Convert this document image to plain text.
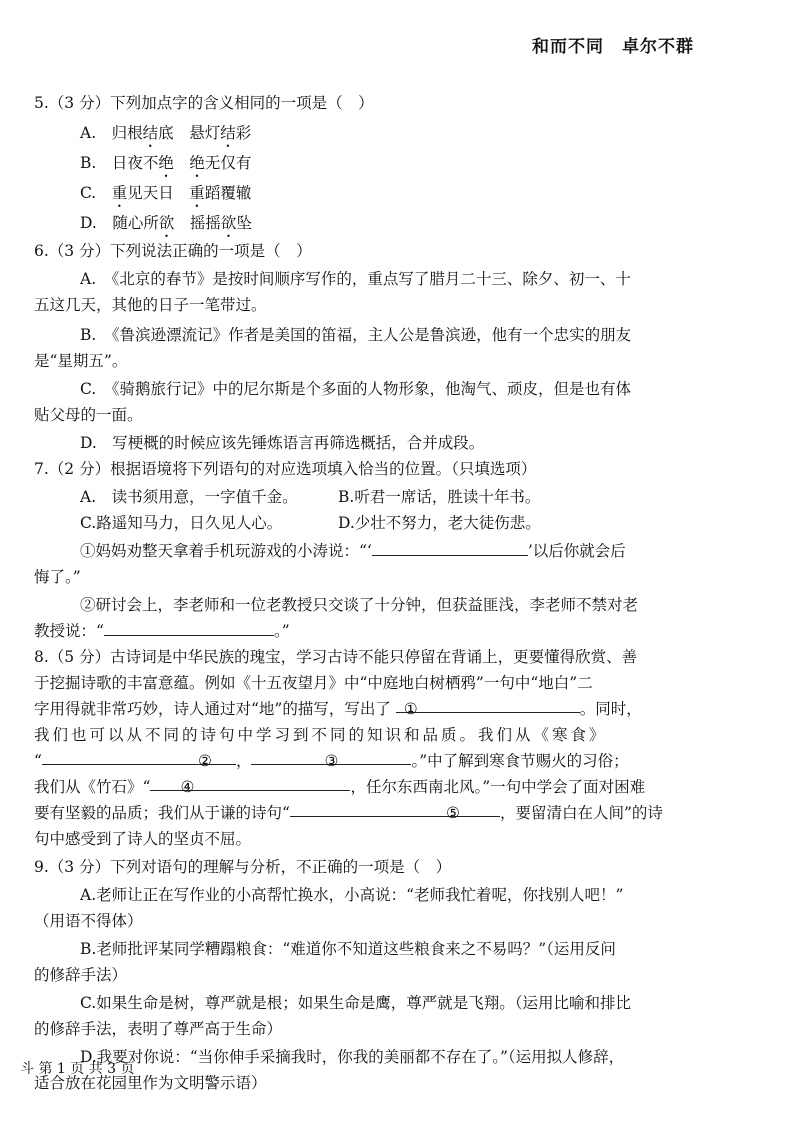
和而不同　卓尔不群
5.（3 分）下列加点字的含义相同的一项是（　）
A.　 归根结底　 悬灯结彩
B.　 日夜不绝　 绝无仅有
C.　 重见天日　 重蹈覆辙
D.　 随心所欲　 摇摇欲坠
6.（3 分）下列说法正确的一项是（　）
A.　《北京的春节》是按时间顺序写作的，重点写了腊月二十三、除夕、初一、十
五这几天，其他的日子一笔带过。
B.　《鲁滨逊漂流记》作者是美国的笛福，主人公是鲁滨逊，他有一个忠实的朋友
是“星期五”。
C.　《骑鹅旅行记》中的尼尔斯是个多面的人物形象，他淘气、顽皮，但是也有体
贴父母的一面。
D.　写梗概的时候应该先锤炼语言再筛选概括，合并成段。
7.（2 分）根据语境将下列语句的对应选项填入恰当的位置。（只填选项）
A.　读书须用意，一字值千金。	B.听君一席话，胜读十年书。
C.路遥知马力，日久见人心。	D.少壮不努力，老大徒伤悲。
①妈妈劝整天拿着手机玩游戏的小涛说：“‘	’以后你就会后
悔了。”
②研讨会上，李老师和一位老教授只交谈了十分钟，但获益匪浅，李老师不禁对老
教授说：“	。”
8.（5 分）古诗词是中华民族的瑰宝，学习古诗不能只停留在背诵上，更要懂得欣赏、善
于挖掘诗歌的丰富意蕴。例如《十五夜望月》中“中庭地白树栖鸦”一句中“地白”二
字用得就非常巧妙，诗人通过对“地”的描写，写出了 ①	。同时，
我们也可以从不同的诗句中学习到不同的知识和品质。我们从《寒食》
“	② ，	③	。”中了解到寒食节赐火的习俗；
我们从《竹石》“ ④	，任尔东西南北风。”一句中学会了面对困难
要有坚毅的品质；我们从于谦的诗句“	⑤	，要留清白在人间”的诗
句中感受到了诗人的坚贞不屈。
9.（3 分）下列对语句的理解与分析，不正确的一项是（　）
A.老师让正在写作业的小高帮忙换水，小高说：“老师我忙着呢，你找别人吧！”
（用语不得体）
B.老师批评某同学糟蹋粮食：“难道你不知道这些粮食来之不易吗？”（运用反问
的修辞手法）
C.如果生命是树，尊严就是根；如果生命是鹰，尊严就是飞翔。（运用比喻和排比
的修辞手法，表明了尊严高于生命）
D.我要对你说：“当你伸手采摘我时，你我的美丽都不存在了。”（运用拟人修辞，
适合放在花园里作为文明警示语）
斗 第 1 页 共 3 页
